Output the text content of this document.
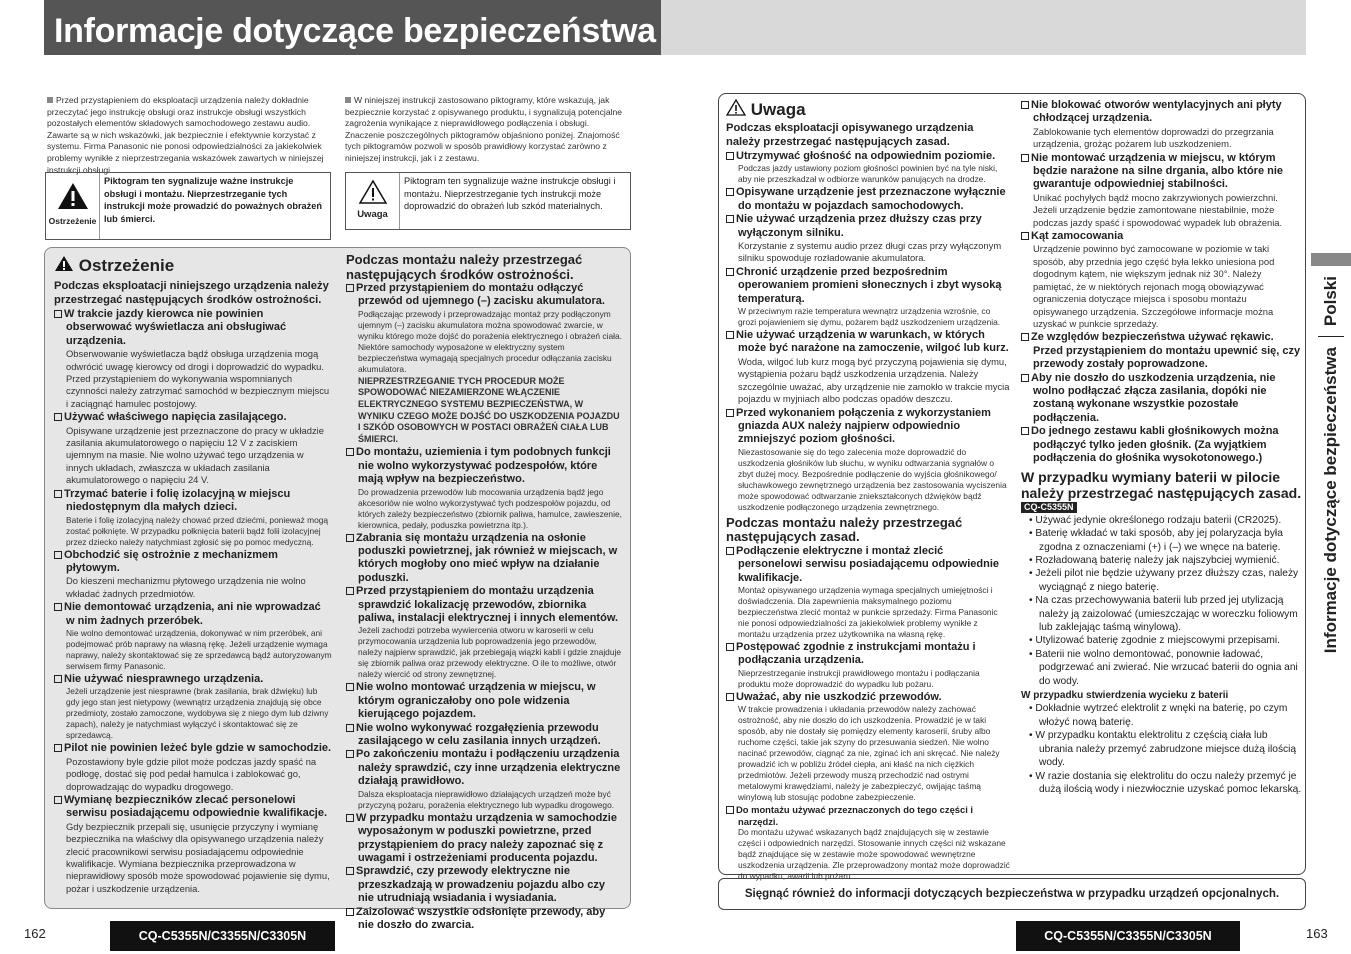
Informacje dotyczące bezpieczeństwa
Przed przystąpieniem do eksploatacji urządzenia należy dokładnie przeczytać jego instrukcję obsługi oraz instrukcje obsługi wszystkich pozostałych elementów składowych samochodowego zestawu audio. Zawarte są w nich wskazówki, jak bezpiecznie i efektywnie korzystać z systemu. Firma Panasonic nie ponosi odpowiedzialności za jakiekolwiek problemy wynikłe z nieprzestrzegania wskazówek zawartych w niniejszej instrukcji obsługi.
W niniejszej instrukcji zastosowano piktogramy, które wskazują, jak bezpiecznie korzystać z opisywanego produktu, i sygnalizują potencjalne zagrożenia wynikające z nieprawidłowego podłączenia i obsługi. Znaczenie poszczególnych piktogramów objaśniono poniżej. Znajomość tych piktogramów pozwoli w sposób prawidłowy korzystać zarówno z niniejszej instrukcji, jak i z zestawu.
Ostrzeżenie
Piktogram ten sygnalizuje ważne instrukcje obsługi i montażu. Nieprzestrzeganie tych instrukcji może prowadzić do poważnych obrażeń lub śmierci.	Uwaga
Piktogram ten sygnalizuje ważne instrukcje obsługi i montażu. Nieprzestrzeganie tych instrukcji może doprowadzić do obrażeń lub szkód materialnych.
Ostrzeżenie

Podczas eksploatacji niniejszego urządzenia należy przestrzegać następujących środków ostrożności.

W trakcie jazdy kierowca nie powinien obserwować wyświetlacza ani obsługiwać urządzenia.

Obserwowanie wyświetlacza bądź obsługa urządzenia mogą odwrócić uwagę kierowcy od drogi i doprowadzić do wypadku. Przed przystąpieniem do wykonywania wspomnianych czynności należy zatrzymać samochód w bezpiecznym miejscu i zaciągnąć hamulec postojowy.

Używać właściwego napięcia zasilającego.

Opisywane urządzenie jest przeznaczone do pracy w układzie zasilania akumulatorowego o napięciu 12 V z zaciskiem ujemnym na masie. Nie wolno używać tego urządzenia w innych układach, zwłaszcza w układach zasilania akumulatorowego o napięciu 24 V.

Trzymać baterie i folię izolacyjną w miejscu niedostępnym dla małych dzieci.

Baterie i folię izolacyjną należy chować przed dziećmi, ponieważ mogą zostać połknięte. W przypadku połknięcia baterii bądź folii izolacyjnej przez dziecko należy natychmiast zgłosić się po pomoc medyczną.

Obchodzić się ostrożnie z mechanizmem płytowym.

Do kieszeni mechanizmu płytowego urządzenia nie wolno wkładać żadnych przedmiotów.

Nie demontować urządzenia, ani nie wprowadzać w nim żadnych przeróbek.

Nie wolno demontować urządzenia, dokonywać w nim przeróbek, ani podejmować prób naprawy na własną rękę. Jeżeli urządzenie wymaga naprawy, należy skontaktować się ze sprzedawcą bądź autoryzowanym serwisem firmy Panasonic.

Nie używać niesprawnego urządzenia.

Jeżeli urządzenie jest niesprawne (brak zasilania, brak dźwięku) lub gdy jego stan jest nietypowy (wewnątrz urządzenia znajdują się obce przedmioty, zostało zamoczone, wydobywa się z niego dym lub dziwny zapach), należy je natychmiast wyłączyć i skontaktować się ze sprzedawcą.

Pilot nie powinien leżeć byle gdzie w samochodzie.

Pozostawiony byle gdzie pilot może podczas jazdy spaść na podłogę, dostać się pod pedał hamulca i zablokować go, doprowadzając do wypadku drogowego.

Wymianę bezpieczników zlecać personelowi serwisu posiadającemu odpowiednie kwalifikacje.

Gdy bezpiecznik przepali się, usunięcie przyczyny i wymianę bezpiecznika na właściwy dla opisywanego urządzenia należy zlecić pracownikowi serwisu posiadającemu odpowiednie kwalifikacje. Wymiana bezpiecznika przeprowadzona w nieprawidłowy sposób może spowodować pojawienie się dymu, pożar i uszkodzenie urządzenia.

Podczas montażu należy przestrzegać następujących środków ostrożności.

Przed przystąpieniem do montażu odłączyć przewód od ujemnego (–) zacisku akumulatora.

Podłączając przewody i przeprowadzając montaż przy podłączonym ujemnym (–) zacisku akumulatora można spowodować zwarcie, w wyniku którego może dojść do porażenia elektrycznego i obrażeń ciała. Niektóre samochody wyposażone w elektryczny system bezpieczeństwa wymagają specjalnych procedur odłączania zacisku akumulatora.

NIEPRZESTRZEGANIE TYCH PROCEDUR MOŻE SPOWODOWAĆ NIEZAMIERZONE WŁĄCZENIE ELEKTRYCZNEGO SYSTEMU BEZPIECZEŃSTWA, W WYNIKU CZEGO MOŻE DOJŚĆ DO USZKODZENIA POJAZDU I SZKÓD OSOBOWYCH W POSTACI OBRAŻEŃ CIAŁA LUB ŚMIERCI.

Do montażu, uziemienia i tym podobnych funkcji nie wolno wykorzystywać podzespołów, które mają wpływ na bezpieczeństwo.

Do prowadzenia przewodów lub mocowania urządzenia bądź jego akcesoriów nie wolno wykorzystywać tych podzespołów pojazdu, od których zależy bezpieczeństwo (zbiornik paliwa, hamulce, zawieszenie, kierownica, pedały, poduszka powietrzna itp.).

Zabrania się montażu urządzenia na osłonie poduszki powietrznej, jak również w miejscach, w których mogłoby ono mieć wpływ na działanie poduszki.

Przed przystąpieniem do montażu urządzenia sprawdzić lokalizację przewodów, zbiornika paliwa, instalacji elektrycznej i innych elementów.

Jeżeli zachodzi potrzeba wywiercenia otworu w karoserii w celu przymocowania urządzenia lub poprowadzenia jego przewodów, należy najpierw sprawdzić, jak przebiegają wiązki kabli i gdzie znajduje się zbiornik paliwa oraz przewody elektryczne. O ile to możliwe, otwór należy wiercić od strony zewnętrznej.

Nie wolno montować urządzenia w miejscu, w którym ograniczałoby ono pole widzenia kierującego pojazdem.

Nie wolno wykonywać rozgałęzienia przewodu zasilającego w celu zasilania innych urządzeń.

Po zakończeniu montażu i podłączeniu urządzenia należy sprawdzić, czy inne urządzenia elektryczne działają prawidłowo.

Dalsza eksploatacja nieprawidłowo działających urządzeń może być przyczyną pożaru, porażenia elektrycznego lub wypadku drogowego.

W przypadku montażu urządzenia w samochodzie wyposażonym w poduszki powietrzne, przed przystąpieniem do pracy należy zapoznać się z uwagami i ostrzeżeniami producenta pojazdu.

Sprawdzić, czy przewody elektryczne nie przeszkadzają w prowadzeniu pojazdu albo czy nie utrudniają wsiadania i wysiadania.

Zaizolować wszystkie odsłonięte przewody, aby nie doszło do zwarcia.

Uwaga

Podczas eksploatacji opisywanego urządzenia należy przestrzegać następujących zasad.

Utrzymywać głośność na odpowiednim poziomie.

Podczas jazdy ustawiony poziom głośności powinien być na tyle niski, aby nie przeszkadzał w odbiorze warunków panujących na drodze.

Opisywane urządzenie jest przeznaczone wyłącznie do montażu w pojazdach samochodowych.

Nie używać urządzenia przez dłuższy czas przy wyłączonym silniku.

Korzystanie z systemu audio przez długi czas przy wyłączonym silniku spowoduje rozładowanie akumulatora.

Chronić urządzenie przed bezpośrednim operowaniem promieni słonecznych i zbyt wysoką temperaturą.

W przeciwnym razie temperatura wewnątrz urządzenia wzrośnie, co grozi pojawieniem się dymu, pożarem bądź uszkodzeniem urządzenia.

Nie używać urządzenia w warunkach, w których może być narażone na zamoczenie, wilgoć lub kurz.

Woda, wilgoć lub kurz mogą być przyczyną pojawienia się dymu, wystąpienia pożaru bądź uszkodzenia urządzenia. Należy szczególnie uważać, aby urządzenie nie zamokło w trakcie mycia pojazdu w myjniach albo podczas opadów deszczu.

Przed wykonaniem połączenia z wykorzystaniem gniazda AUX należy najpierw odpowiednio zmniejszyć poziom głośności.

Niezastosowanie się do tego zalecenia może doprowadzić do uszkodzenia głośników lub słuchu, w wyniku odtwarzania sygnałów o zbyt dużej mocy. Bezpośrednie podłączenie do wyjścia głośnikowego/ słuchawkowego zewnętrznego urządzenia bez zastosowania wyciszenia może spowodować odtwarzanie zniekształconych dźwięków bądź uszkodzenie podłączonego urządzenia zewnętrznego.

Podczas montażu należy przestrzegać następujących zasad.

Podłączenie elektryczne i montaż zlecić personelowi serwisu posiadającemu odpowiednie kwalifikacje.

Montaż opisywanego urządzenia wymaga specjalnych umiejętności i doświadczenia. Dla zapewnienia maksymalnego poziomu bezpieczeństwa zlecić montaż w punkcie sprzedaży. Firma Panasonic nie ponosi odpowiedzialności za jakiekolwiek problemy wynikłe z montażu urządzenia przez użytkownika na własną rękę.

Postępować zgodnie z instrukcjami montażu i podłączania urządzenia.

Nieprzestrzeganie instrukcji prawidłowego montażu i podłączania produktu może doprowadzić do wypadku lub pożaru.

Uważać, aby nie uszkodzić przewodów.

W trakcie prowadzenia i układania przewodów należy zachować ostrożność, aby nie doszło do ich uszkodzenia. Prowadzić je w taki sposób, aby nie dostały się pomiędzy elementy karoserii, śruby albo ruchome części, takie jak szyny do przesuwania siedzeń. Nie wolno nacinać przewodów, ciągnąć za nie, zginać ich ani skręcać. Nie należy prowadzić ich w pobliżu źródeł ciepła, ani kłaść na nich ciężkich przedmiotów. Jeżeli przewody muszą przechodzić nad ostrymi metalowymi krawędziami, należy je zabezpieczyć, owijając taśmą winylową lub stosując podobne zabezpieczenie.

Do montażu używać przeznaczonych do tego części i narzędzi.

Do montażu używać wskazanych bądź znajdujących się w zestawie części i odpowiednich narzędzi. Stosowanie innych części niż wskazane bądź znajdujące się w zestawie może spowodować wewnętrzne uszkodzenia urządzenia. Zle przeprowadzony montaż może doprowadzić do wypadku, awarii lub pożaru.

Nie blokować otworów wentylacyjnych ani płyty chłodzącej urządzenia.

Zablokowanie tych elementów doprowadzi do przegrzania urządzenia, grożąc pożarem lub uszkodzeniem.

Nie montować urządzenia w miejscu, w którym będzie narażone na silne drgania, albo które nie gwarantuje odpowiedniej stabilności.

Unikać pochyłych bądź mocno zakrzywionych powierzchni. Jeżeli urządzenie będzie zamontowane niestabilnie, może podczas jazdy spaść i spowodować wypadek lub obrażenia.

Kąt zamocowania

Urządzenie powinno być zamocowane w poziomie w taki sposób, aby przednia jego część była lekko uniesiona pod dogodnym kątem, nie większym jednak niż 30°. Należy pamiętać, że w niektórych rejonach mogą obowiązywać ograniczenia dotyczące miejsca i sposobu montażu opisywanego urządzenia. Szczegółowe informacje można uzyskać w punkcie sprzedaży.

Ze względów bezpieczeństwa używać rękawic. Przed przystąpieniem do montażu upewnić się, czy przewody zostały poprowadzone.

Aby nie doszło do uszkodzenia urządzenia, nie wolno podłączać złącza zasilania, dopóki nie zostaną wykonane wszystkie pozostałe podłączenia.

Do jednego zestawu kabli głośnikowych można podłączyć tylko jeden głośnik. (Za wyjątkiem podłączenia do głośnika wysokotonowego.)

W przypadku wymiany baterii w pilocie należy przestrzegać następujących zasad.
CQ-C5355N

• Używać jedynie określonego rodzaju baterii (CR2025).

• Baterię wkładać w taki sposób, aby jej polaryzacja była zgodna z oznaczeniami (+) i (–) we wnęce na baterię.

• Rozładowaną baterię należy jak najszybciej wymienić.

• Jeżeli pilot nie będzie używany przez dłuższy czas, należy wyciągnąć z niego baterię.

• Na czas przechowywania baterii lub przed jej utylizacją należy ją zaizolować (umieszczając w woreczku foliowym lub zaklejając taśmą winylową).

• Utylizować baterię zgodnie z miejscowymi przepisami.

• Baterii nie wolno demontować, ponownie ładować, podgrzewać ani zwierać. Nie wrzucać baterii do ognia ani do wody.

W przypadku stwierdzenia wycieku z baterii

• Dokładnie wytrzeć elektrolit z wnęki na baterię, po czym włożyć nową baterię.

• W przypadku kontaktu elektrolitu z częścią ciała lub ubrania należy przemyć zabrudzone miejsce dużą ilością wody.

• W razie dostania się elektrolitu do oczu należy przemyć je dużą ilością wody i niezwłocznie uzyskać pomoc lekarską.

Sięgnąć również do informacji dotyczących bezpieczeństwa w przypadku urządzeń opcjonalnych.
Informacje dotyczące bezpieczeństwa
Polski
162	CQ-C5355N/C3355N/C3305N	CQ-C5355N/C3355N/C3305N	163
